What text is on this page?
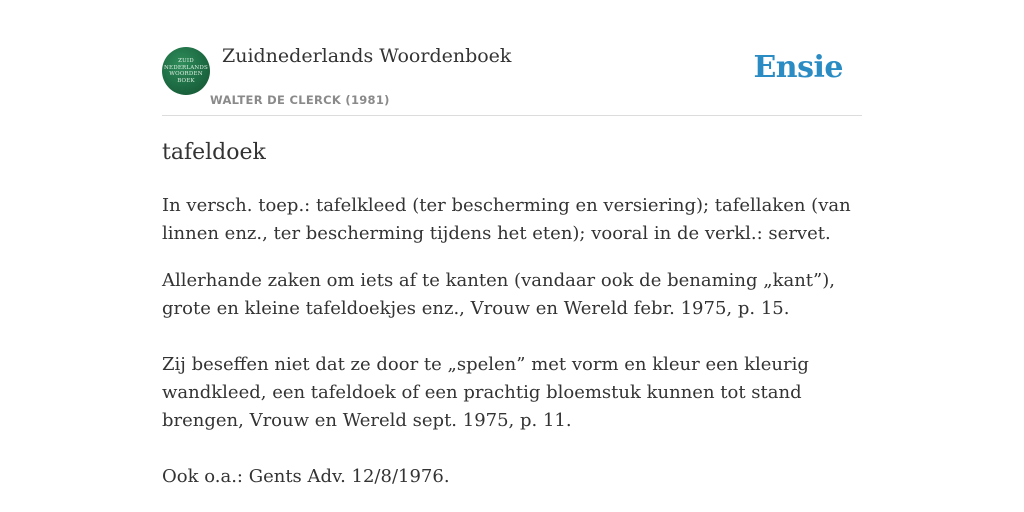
ZUID
NEDERLANDS
WOORDEN
BOEK
Zuidnederlands Woordenboek
WALTER DE CLERCK (1981)
Ensie
tafeldoek

In versch. toep.: tafelkleed (ter bescherming en versiering); tafellaken (van linnen enz., ter bescherming tijdens het eten); vooral in de verkl.: servet.

Allerhande zaken om iets af te kanten (vandaar ook de benaming „kant”), grote en kleine tafeldoekjes enz., Vrouw en Wereld febr. 1975, p. 15.

Zij beseffen niet dat ze door te „spelen” met vorm en kleur een kleurig wandkleed, een tafeldoek of een prachtig bloemstuk kunnen tot stand brengen, Vrouw en Wereld sept. 1975, p. 11.

Ook o.a.: Gents Adv. 12/8/1976.
